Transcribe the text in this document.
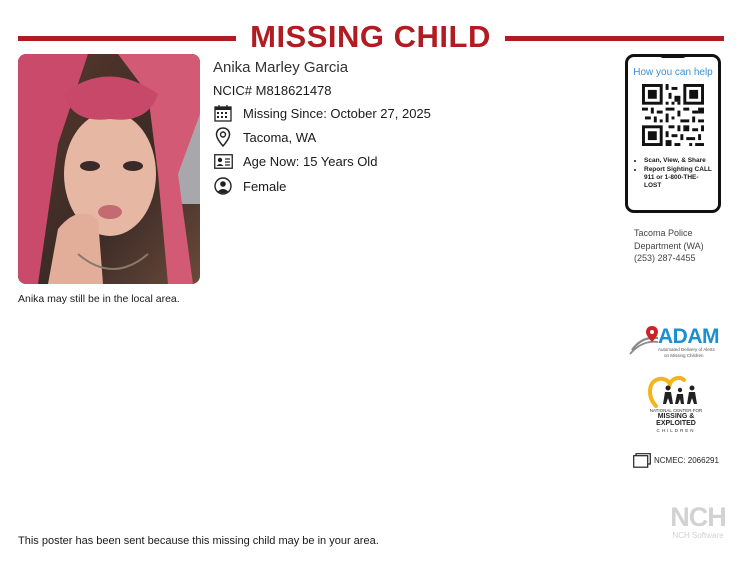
MISSING CHILD
Anika Marley Garcia
NCIC# M818621478
Missing Since: October 27, 2025
Tacoma, WA
Age Now: 15 Years Old
Female
Anika may still be in the local area.
How you can help
• Scan, View, & Share
• Report Sighting CALL 911 or 1-800-THE-LOST
Tacoma Police
Department (WA)
(253) 287-4455
ADAM
Automated Delivery of Alerts
on Missing Children
NATIONAL CENTER FOR
MISSING &
EXPLOITED
CHILDREN
NCMEC: 2066291
This poster has been sent because this missing child may be in your area.
NCH
NCH Software
